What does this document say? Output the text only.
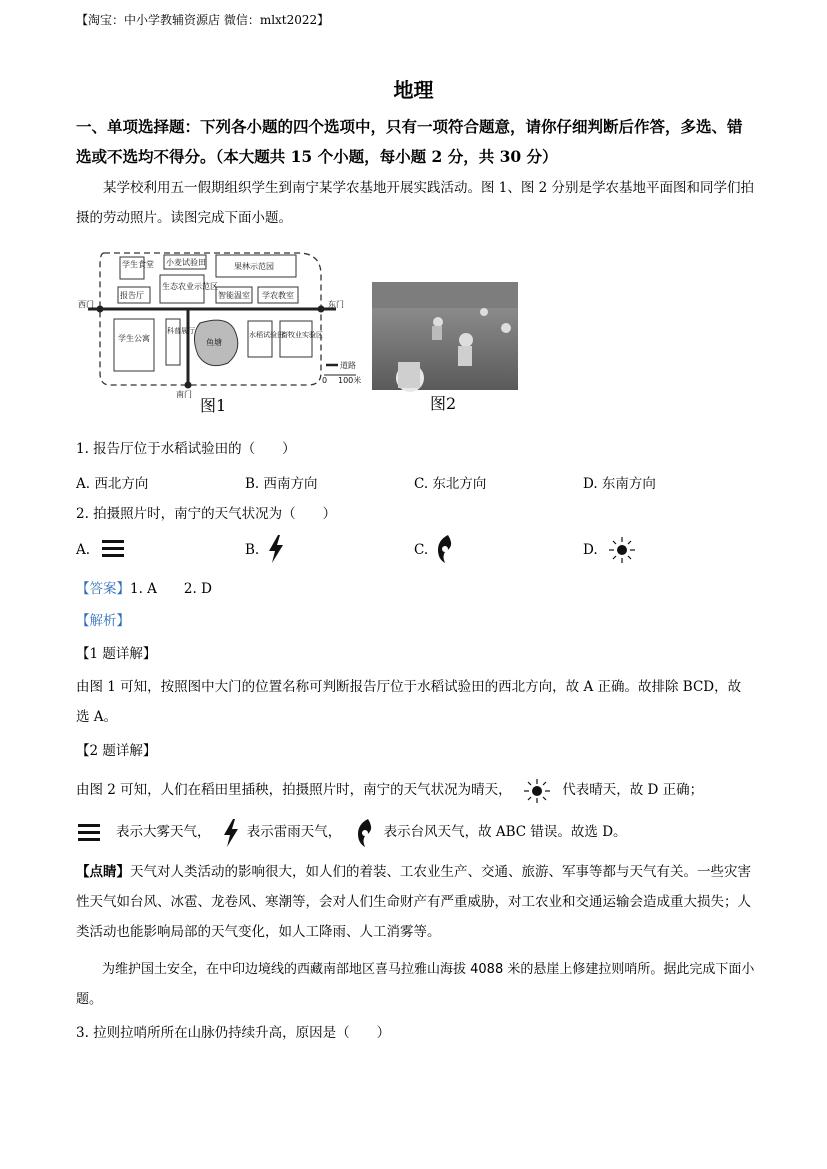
【淘宝：中小学教辅资源店 微信：mlxt2022】
地理
一、单项选择题：下列各小题的四个选项中，只有一项符合题意，请你仔细判断后作答，多选、错选或不选均不得分。（本大题共 15 个小题，每小题 2 分，共 30 分）
某学校利用五一假期组织学生到南宁某学农基地开展实践活动。图 1、图 2 分别是学农基地平面图和同学们拍摄的劳动照片。读图完成下面小题。
学生食堂 小麦试验田	果林示范园
报告厅
生态农业示范区
智能温室 学农教室
学生公寓
科普展厅
鱼塘
水稻试验田
畜牧业实验区
西门	东门
南门
道路
0 100米
图1	图2
1. 报告厅位于水稻试验田的（　　）
A. 西北方向	B. 西南方向	C. 东北方向	D. 东南方向
2. 拍摄照片时，南宁的天气状况为（　　）
A.	B.	C.	D.
【答案】1. A　　2. D
【解析】
【1 题详解】
由图 1 可知，按照图中大门的位置名称可判断报告厅位于水稻试验田的西北方向，故 A 正确。故排除 BCD，故选 A。
【2 题详解】
由图 2 可知，人们在稻田里插秧，拍摄照片时，南宁的天气状况为晴天，	代表晴天，故 D 正确；
表示大雾天气，	表示雷雨天气，	表示台风天气，故 ABC 错误。故选 D。
【点睛】天气对人类活动的影响很大，如人们的着装、工农业生产、交通、旅游、军事等都与天气有关。一些灾害性天气如台风、冰雹、龙卷风、寒潮等，会对人们生命财产有严重威胁，对工农业和交通运输会造成重大损失；人类活动也能影响局部的天气变化，如人工降雨、人工消雾等。
为维护国土安全，在中印边境线的西藏南部地区喜马拉雅山海拔 4088 米的悬崖上修建拉则哨所。据此完成下面小题。
3. 拉则拉哨所所在山脉仍持续升高，原因是（　　）
